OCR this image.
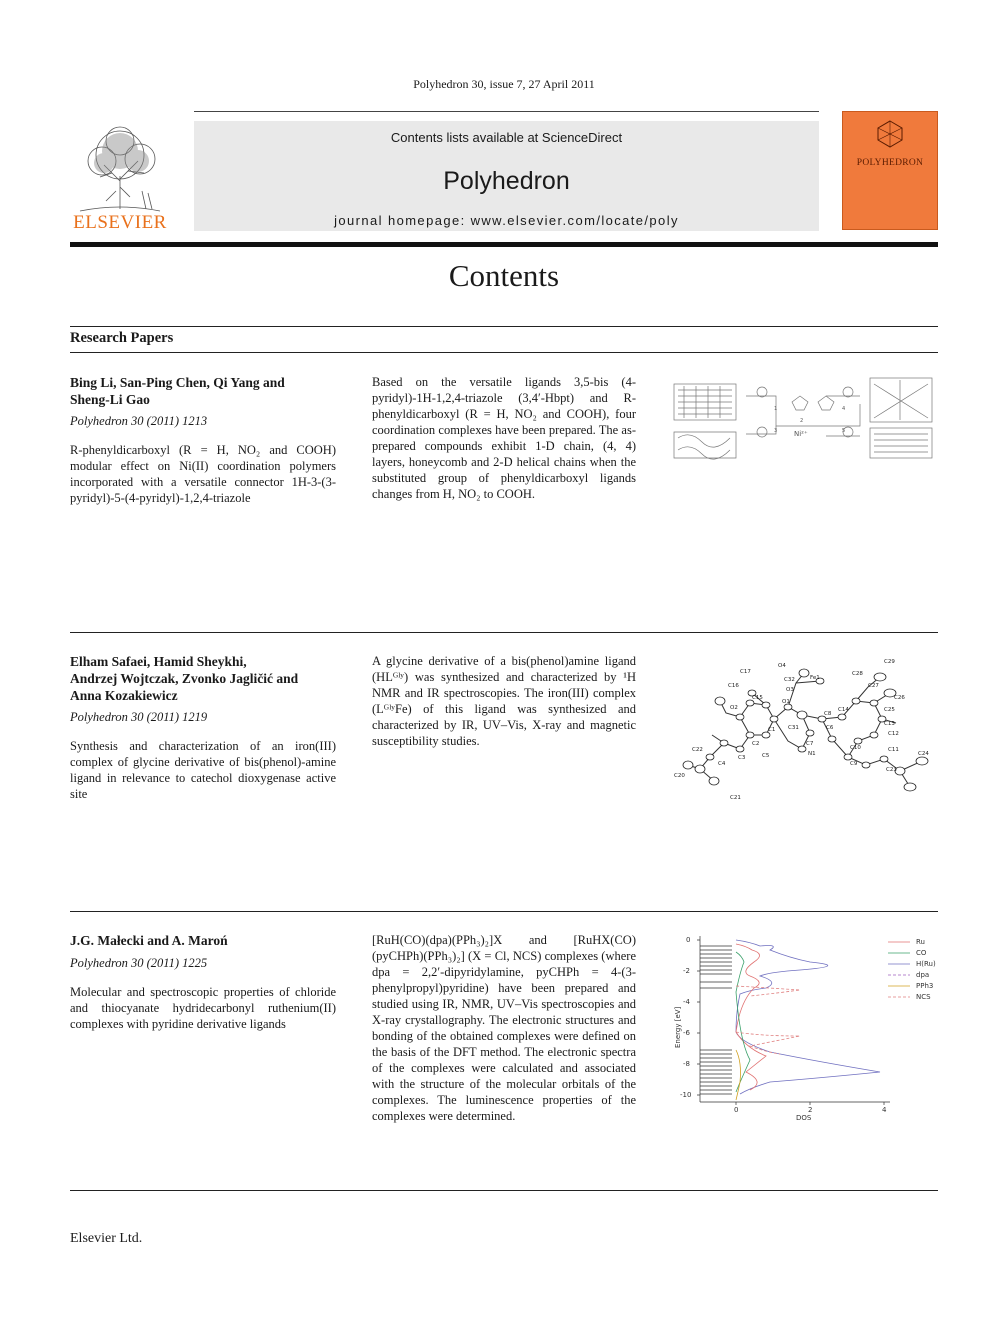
Polyhedron 30, issue 7, 27 April 2011
ELSEVIER
Contents lists available at ScienceDirect
Polyhedron
journal homepage: www.elsevier.com/locate/poly
POLYHEDRON
Contents
Research Papers
Bing Li, San-Ping Chen, Qi Yang and
Sheng-Li Gao
Polyhedron 30 (2011) 1213
R-phenyldicarboxyl (R = H, NO₂ and COOH) modular effect on Ni(II) coordination polymers incorporated with a versatile connector 1H-3-(3-pyridyl)-5-(4-pyridyl)-1,2,4-triazole
Based on the versatile ligands 3,5-bis (4-pyridyl)-1H-1,2,4-triazole (3,4′-Hbpt) and R-phenyldicarboxyl (R = H, NO₂ and COOH), four coordination complexes have been prepared. The as-prepared compounds exhibit 1-D chain, (4, 4) layers, honeycomb and 2-D helical chains when the substituted group of phenyldicarboxyl ligands changes from H, NO₂ to COOH.
1
3
4
5
2
Ni²⁺
Elham Safaei, Hamid Sheykhi,
Andrzej Wojtczak, Zvonko Jagličić and
Anna Kozakiewicz
Polyhedron 30 (2011) 1219
Synthesis and characterization of an iron(III) complex of glycine derivative of bis(phenol)-amine ligand in relevance to catechol dioxygenase active site
A glycine derivative of a bis(phenol)amine ligand (HLᴳˡʸ) was synthesized and characterized by ¹H NMR and IR spectroscopies. The iron(III) complex (LᴳˡʸFe) of this ligand was synthesized and characterized by IR, UV–Vis, X-ray and magnetic susceptibility studies.
C29
C28
C27
C26
C25
C24
C23
C22
C21
C20
C17
C16
C15
C14
C13
C12
C11
C10
C9
C8
C7
C6
C5
C4
C3
C2
C1
O1
O2
O3
O4
N1
Fe1
C31
C32
J.G. Małecki and A. Maroń
Polyhedron 30 (2011) 1225
Molecular and spectroscopic properties of chloride and thiocyanate hydridecarbonyl ruthenium(II) complexes with pyridine derivative ligands
[RuH(CO)(dpa)(PPh₃)₂]X and [RuHX(CO)(pyCHPh)(PPh₃)₂] (X = Cl, NCS) complexes (where dpa = 2,2′-dipyridylamine, pyCHPh = 4-(3-phenylpropyl)pyridine) have been prepared and studied using IR, NMR, UV–Vis spectroscopies and X-ray crystallography. The electronic structures and bonding of the obtained complexes were defined on the basis of the DFT method. The electronic spectra of the complexes were calculated and associated with the structure of the molecular orbitals of the complexes. The luminescence properties of the complexes were determined.
0
-2
-4
-6
-8
-10
0	2	4
DOS
Energy [eV]
Ru
CO
H(Ru)
dpa
PPh3
NCS
Elsevier Ltd.
